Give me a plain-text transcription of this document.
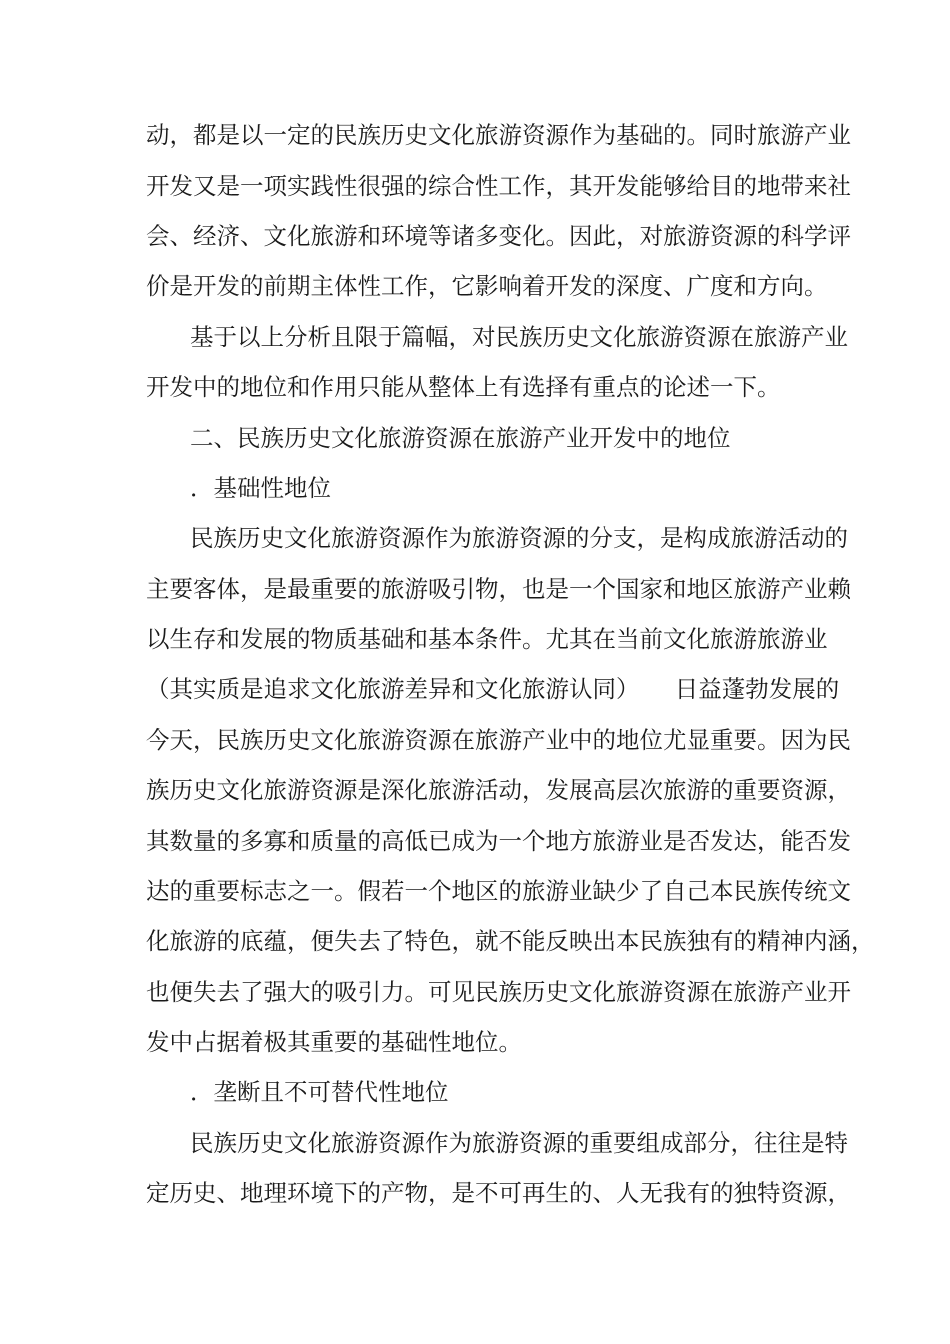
动，都是以一定的民族历史文化旅游资源作为基础的。同时旅游产业
开发又是一项实践性很强的综合性工作，其开发能够给目的地带来社
会、经济、文化旅游和环境等诸多变化。因此，对旅游资源的科学评
价是开发的前期主体性工作，它影响着开发的深度、广度和方向。
基于以上分析且限于篇幅，对民族历史文化旅游资源在旅游产业
开发中的地位和作用只能从整体上有选择有重点的论述一下。
二、民族历史文化旅游资源在旅游产业开发中的地位
．基础性地位
民族历史文化旅游资源作为旅游资源的分支，是构成旅游活动的
主要客体，是最重要的旅游吸引物，也是一个国家和地区旅游产业赖
以生存和发展的物质基础和基本条件。尤其在当前文化旅游旅游业
（其实质是追求文化旅游差异和文化旅游认同）　　日益蓬勃发展的
今天，民族历史文化旅游资源在旅游产业中的地位尤显重要。因为民
族历史文化旅游资源是深化旅游活动，发展高层次旅游的重要资源，
其数量的多寡和质量的高低已成为一个地方旅游业是否发达，能否发
达的重要标志之一。假若一个地区的旅游业缺少了自己本民族传统文
化旅游的底蕴，便失去了特色，就不能反映出本民族独有的精神内涵，
也便失去了强大的吸引力。可见民族历史文化旅游资源在旅游产业开
发中占据着极其重要的基础性地位。
．垄断且不可替代性地位
民族历史文化旅游资源作为旅游资源的重要组成部分，往往是特
定历史、地理环境下的产物，是不可再生的、人无我有的独特资源，
